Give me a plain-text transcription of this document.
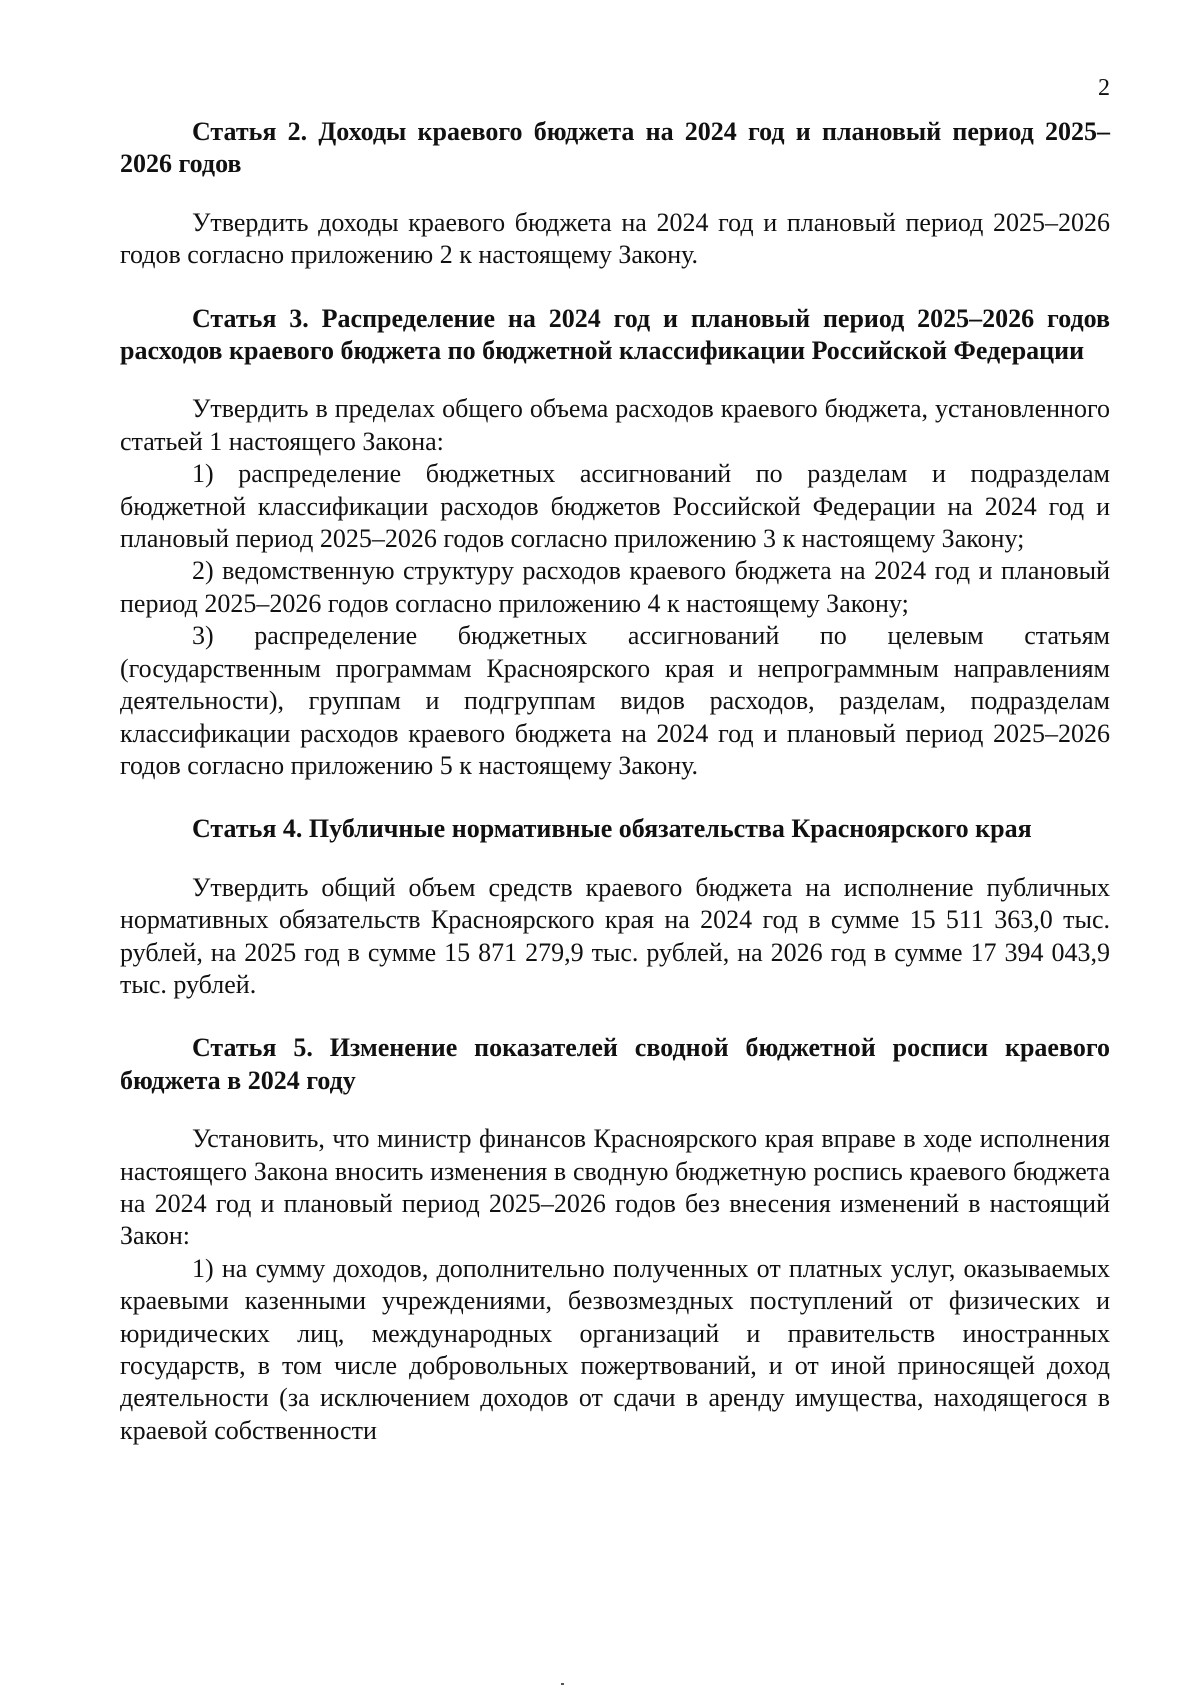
2

Статья 2. Доходы краевого бюджета на 2024 год и плановый период 2025–2026 годов

Утвердить доходы краевого бюджета на 2024 год и плановый период 2025–2026 годов согласно приложению 2 к настоящему Закону.

Статья 3. Распределение на 2024 год и плановый период 2025–2026 годов расходов краевого бюджета по бюджетной классификации Российской Федерации

Утвердить в пределах общего объема расходов краевого бюджета, установленного статьей 1 настоящего Закона:

1) распределение бюджетных ассигнований по разделам и подразделам бюджетной классификации расходов бюджетов Российской Федерации на 2024 год и плановый период 2025–2026 годов согласно приложению 3 к настоящему Закону;

2) ведомственную структуру расходов краевого бюджета на 2024 год и плановый период 2025–2026 годов согласно приложению 4 к настоящему Закону;

3) распределение бюджетных ассигнований по целевым статьям (государственным программам Красноярского края и непрограммным направлениям деятельности), группам и подгруппам видов расходов, разделам, подразделам классификации расходов краевого бюджета на 2024 год и плановый период 2025–2026 годов согласно приложению 5 к настоящему Закону.

Статья 4. Публичные нормативные обязательства Красноярского края

Утвердить общий объем средств краевого бюджета на исполнение публичных нормативных обязательств Красноярского края на 2024 год в сумме 15 511 363,0 тыс. рублей, на 2025 год в сумме 15 871 279,9 тыс. рублей, на 2026 год в сумме 17 394 043,9 тыс. рублей.

Статья 5. Изменение показателей сводной бюджетной росписи краевого бюджета в 2024 году

Установить, что министр финансов Красноярского края вправе в ходе исполнения настоящего Закона вносить изменения в сводную бюджетную роспись краевого бюджета на 2024 год и плановый период 2025–2026 годов без внесения изменений в настоящий Закон:

1) на сумму доходов, дополнительно полученных от платных услуг, оказываемых краевыми казенными учреждениями, безвозмездных поступлений от физических и юридических лиц, международных организаций и правительств иностранных государств, в том числе добровольных пожертвований, и от иной приносящей доход деятельности (за исключением доходов от сдачи в аренду имущества, находящегося в краевой собственности
